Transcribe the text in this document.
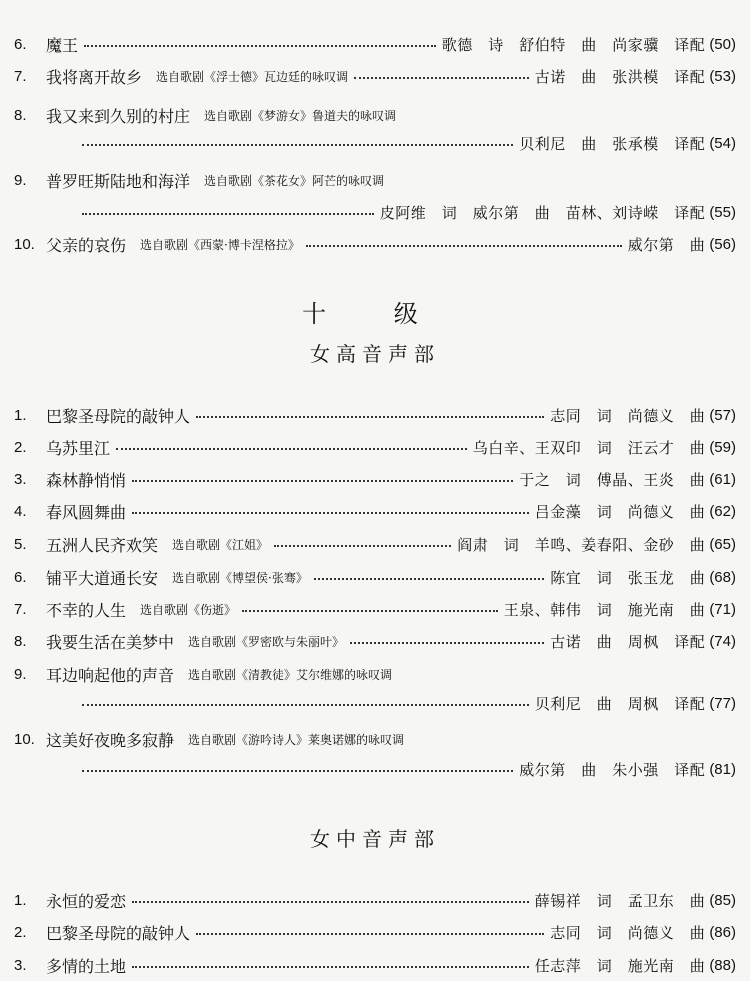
6.	魔王	歌德　诗　舒伯特　曲　尚家骥　译配 (50)
7.	我将离开故乡 选自歌剧《浮士德》瓦边廷的咏叹调	古诺　曲　张洪模　译配 (53)
8.	我又来到久别的村庄 选自歌剧《梦游女》鲁道夫的咏叹调
贝利尼　曲　张承模　译配 (54)
9.	普罗旺斯陆地和海洋 选自歌剧《茶花女》阿芒的咏叹调
皮阿维　词　威尔第　曲　苗林、刘诗嵘　译配 (55)
10. 父亲的哀伤 选自歌剧《西蒙·博卡涅格拉》	威尔第　曲 (56)
十 级
女高音声部
1.	巴黎圣母院的敲钟人	志同　词　尚德义　曲 (57)
2.	乌苏里江	乌白辛、王双印　词　汪云才　曲 (59)
3.	森林静悄悄	于之　词　傅晶、王炎　曲 (61)
4.	春风圆舞曲	吕金藻　词　尚德义　曲 (62)
5.	五洲人民齐欢笑 选自歌剧《江姐》	阎肃　词　羊鸣、姜春阳、金砂　曲 (65)
6.	铺平大道通长安 选自歌剧《博望侯·张骞》	陈宜　词　张玉龙　曲 (68)
7.	不幸的人生 选自歌剧《伤逝》	王泉、韩伟　词　施光南　曲 (71)
8.	我要生活在美梦中 选自歌剧《罗密欧与朱丽叶》	古诺　曲　周枫　译配 (74)
9.	耳边响起他的声音 选自歌剧《清教徒》艾尔维娜的咏叹调
贝利尼　曲　周枫　译配 (77)
10. 这美好夜晚多寂静 选自歌剧《游吟诗人》莱奥诺娜的咏叹调
威尔第　曲　朱小强　译配 (81)
女中音声部
1.	永恒的爱恋	薛锡祥　词　孟卫东　曲 (85)
2.	巴黎圣母院的敲钟人	志同　词　尚德义　曲 (86)
3.	多情的土地	任志萍　词　施光南　曲 (88)
